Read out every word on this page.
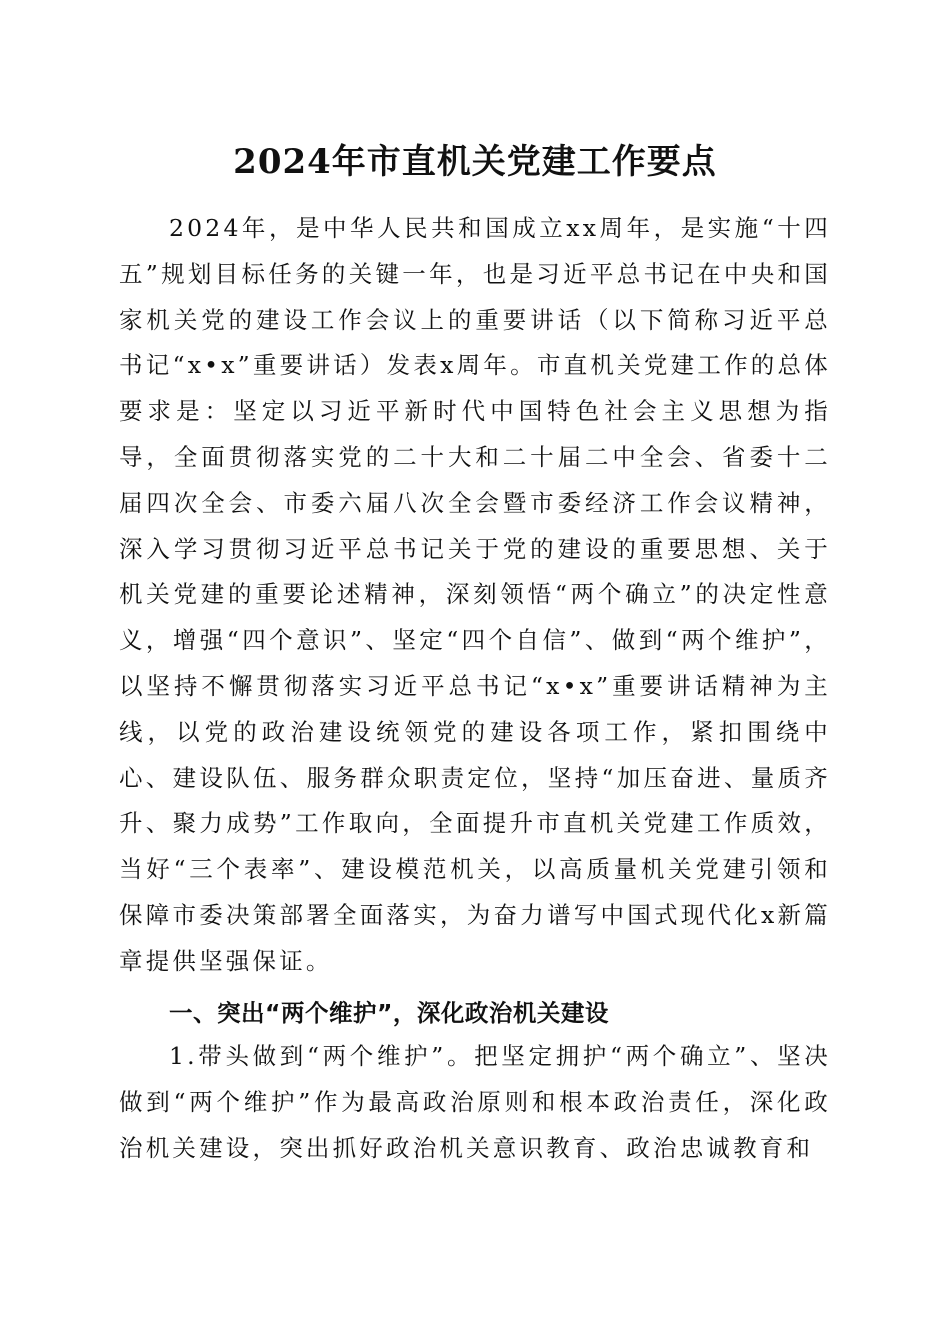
2024年市直机关党建工作要点

2024年，是中华人民共和国成立xx周年，是实施“十四五”规划目标任务的关键一年，也是习近平总书记在中央和国家机关党的建设工作会议上的重要讲话（以下简称习近平总书记“x•x”重要讲话）发表x周年。市直机关党建工作的总体要求是：坚定以习近平新时代中国特色社会主义思想为指导，全面贯彻落实党的二十大和二十届二中全会、省委十二届四次全会、市委六届八次全会暨市委经济工作会议精神，深入学习贯彻习近平总书记关于党的建设的重要思想、关于机关党建的重要论述精神，深刻领悟“两个确立”的决定性意义，增强“四个意识”、坚定“四个自信”、做到“两个维护”，以坚持不懈贯彻落实习近平总书记“x•x”重要讲话精神为主线，以党的政治建设统领党的建设各项工作，紧扣围绕中心、建设队伍、服务群众职责定位，坚持“加压奋进、量质齐升、聚力成势”工作取向，全面提升市直机关党建工作质效，当好“三个表率”、建设模范机关，以高质量机关党建引领和保障市委决策部署全面落实，为奋力谱写中国式现代化x新篇章提供坚强保证。

一、突出“两个维护”，深化政治机关建设

1.带头做到“两个维护”。把坚定拥护“两个确立”、坚决做到“两个维护”作为最高政治原则和根本政治责任，深化政治机关建设，突出抓好政治机关意识教育、政治忠诚教育和
